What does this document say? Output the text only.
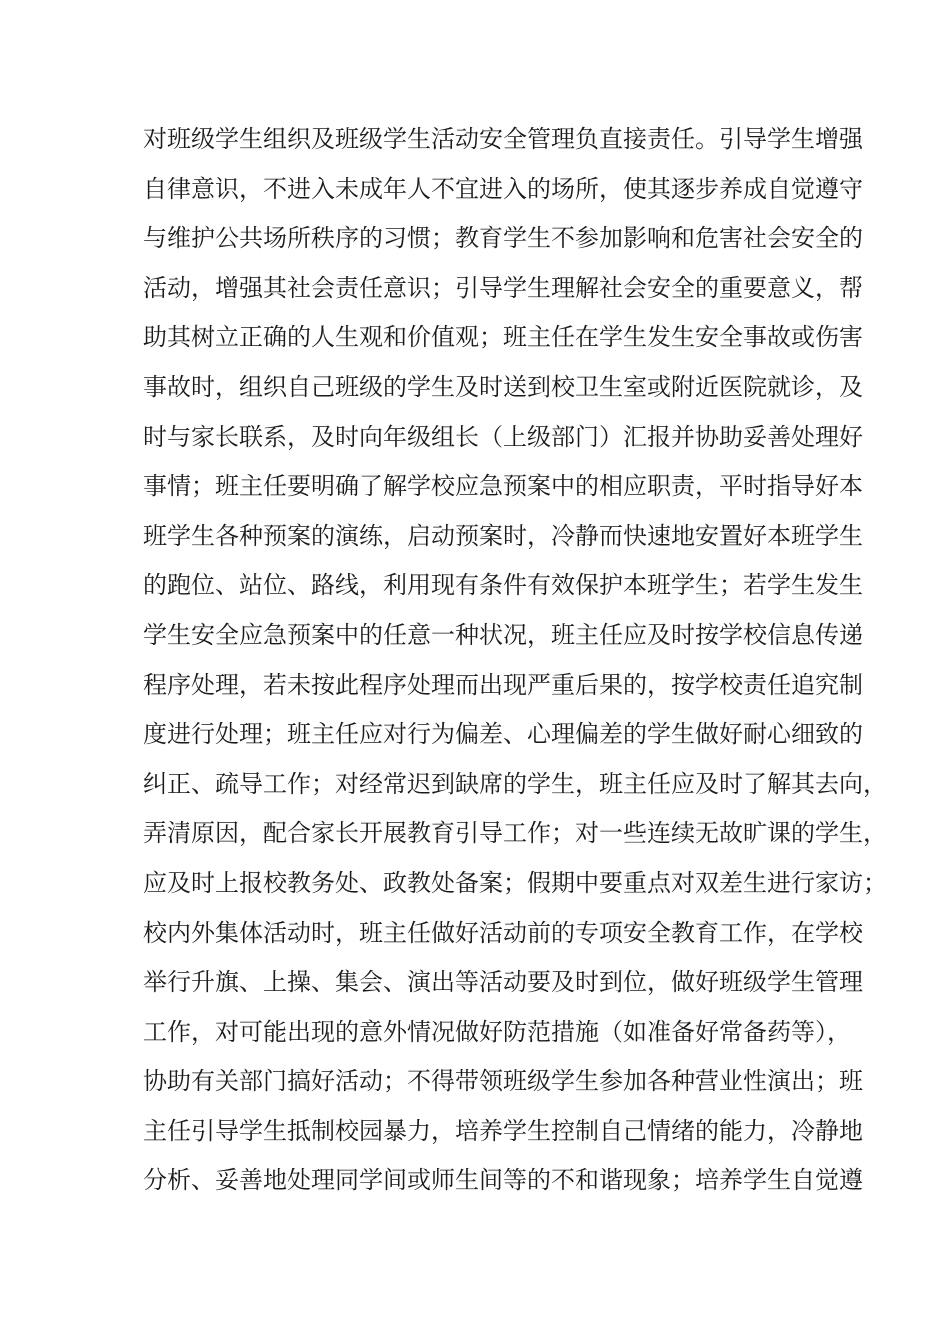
对班级学生组织及班级学生活动安全管理负直接责任。引导学生增强
自律意识，不进入未成年人不宜进入的场所，使其逐步养成自觉遵守
与维护公共场所秩序的习惯；教育学生不参加影响和危害社会安全的
活动，增强其社会责任意识；引导学生理解社会安全的重要意义，帮
助其树立正确的人生观和价值观；班主任在学生发生安全事故或伤害
事故时，组织自己班级的学生及时送到校卫生室或附近医院就诊，及
时与家长联系，及时向年级组长（上级部门）汇报并协助妥善处理好
事情；班主任要明确了解学校应急预案中的相应职责，平时指导好本
班学生各种预案的演练，启动预案时，冷静而快速地安置好本班学生
的跑位、站位、路线，利用现有条件有效保护本班学生；若学生发生
学生安全应急预案中的任意一种状况，班主任应及时按学校信息传递
程序处理，若未按此程序处理而出现严重后果的，按学校责任追究制
度进行处理；班主任应对行为偏差、心理偏差的学生做好耐心细致的
纠正、疏导工作；对经常迟到缺席的学生，班主任应及时了解其去向，
弄清原因，配合家长开展教育引导工作；对一些连续无故旷课的学生，
应及时上报校教务处、政教处备案；假期中要重点对双差生进行家访；
校内外集体活动时，班主任做好活动前的专项安全教育工作，在学校
举行升旗、上操、集会、演出等活动要及时到位，做好班级学生管理
工作，对可能出现的意外情况做好防范措施（如准备好常备药等），
协助有关部门搞好活动；不得带领班级学生参加各种营业性演出；班
主任引导学生抵制校园暴力，培养学生控制自己情绪的能力，冷静地
分析、妥善地处理同学间或师生间等的不和谐现象；培养学生自觉遵
